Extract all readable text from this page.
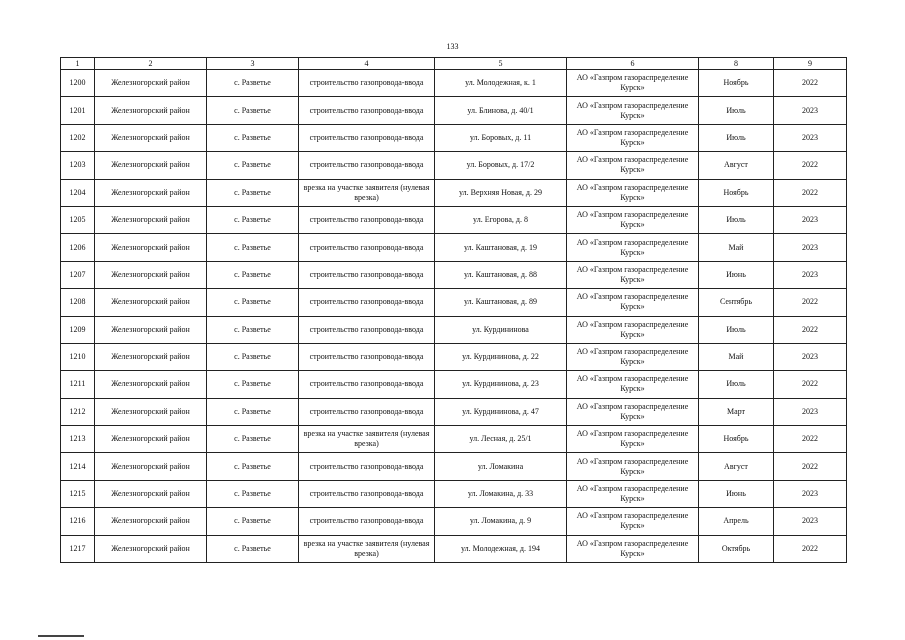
133
1	2	3	4	5	6	8	9
1200	Железногорский район	с. Разветье	строительство газопровода-ввода	ул. Молодежная, к. 1	АО «Газпром газораспределение Курск»	Ноябрь	2022
1201	Железногорский район	с. Разветье	строительство газопровода-ввода	ул. Блинова, д. 40/1	АО «Газпром газораспределение Курск»	Июль	2023
1202	Железногорский район	с. Разветье	строительство газопровода-ввода	ул. Боровых, д. 11	АО «Газпром газораспределение Курск»	Июль	2023
1203	Железногорский район	с. Разветье	строительство газопровода-ввода	ул. Боровых, д. 17/2	АО «Газпром газораспределение Курск»	Август	2022
1204	Железногорский район	с. Разветье	врезка на участке заявителя (нулевая врезка)	ул. Верхняя Новая, д. 29	АО «Газпром газораспределение Курск»	Ноябрь	2022
1205	Железногорский район	с. Разветье	строительство газопровода-ввода	ул. Егорова, д. 8	АО «Газпром газораспределение Курск»	Июль	2023
1206	Железногорский район	с. Разветье	строительство газопровода-ввода	ул. Каштановая, д. 19	АО «Газпром газораспределение Курск»	Май	2023
1207	Железногорский район	с. Разветье	строительство газопровода-ввода	ул. Каштановая, д. 88	АО «Газпром газораспределение Курск»	Июнь	2023
1208	Железногорский район	с. Разветье	строительство газопровода-ввода	ул. Каштановая, д. 89	АО «Газпром газораспределение Курск»	Сентябрь	2022
1209	Железногорский район	с. Разветье	строительство газопровода-ввода	ул. Курдининова	АО «Газпром газораспределение Курск»	Июль	2022
1210	Железногорский район	с. Разветье	строительство газопровода-ввода	ул. Курдининова, д. 22	АО «Газпром газораспределение Курск»	Май	2023
1211	Железногорский район	с. Разветье	строительство газопровода-ввода	ул. Курдининова, д. 23	АО «Газпром газораспределение Курск»	Июль	2022
1212	Железногорский район	с. Разветье	строительство газопровода-ввода	ул. Курдининова, д. 47	АО «Газпром газораспределение Курск»	Март	2023
1213	Железногорский район	с. Разветье	врезка на участке заявителя (нулевая врезка)	ул. Лесная, д. 25/1	АО «Газпром газораспределение Курск»	Ноябрь	2022
1214	Железногорский район	с. Разветье	строительство газопровода-ввода	ул. Ломакина	АО «Газпром газораспределение Курск»	Август	2022
1215	Железногорский район	с. Разветье	строительство газопровода-ввода	ул. Ломакина, д. 33	АО «Газпром газораспределение Курск»	Июнь	2023
1216	Железногорский район	с. Разветье	строительство газопровода-ввода	ул. Ломакина, д. 9	АО «Газпром газораспределение Курск»	Апрель	2023
1217	Железногорский район	с. Разветье	врезка на участке заявителя (нулевая врезка)	ул. Молодежная, д. 194	АО «Газпром газораспределение Курск»	Октябрь	2022
